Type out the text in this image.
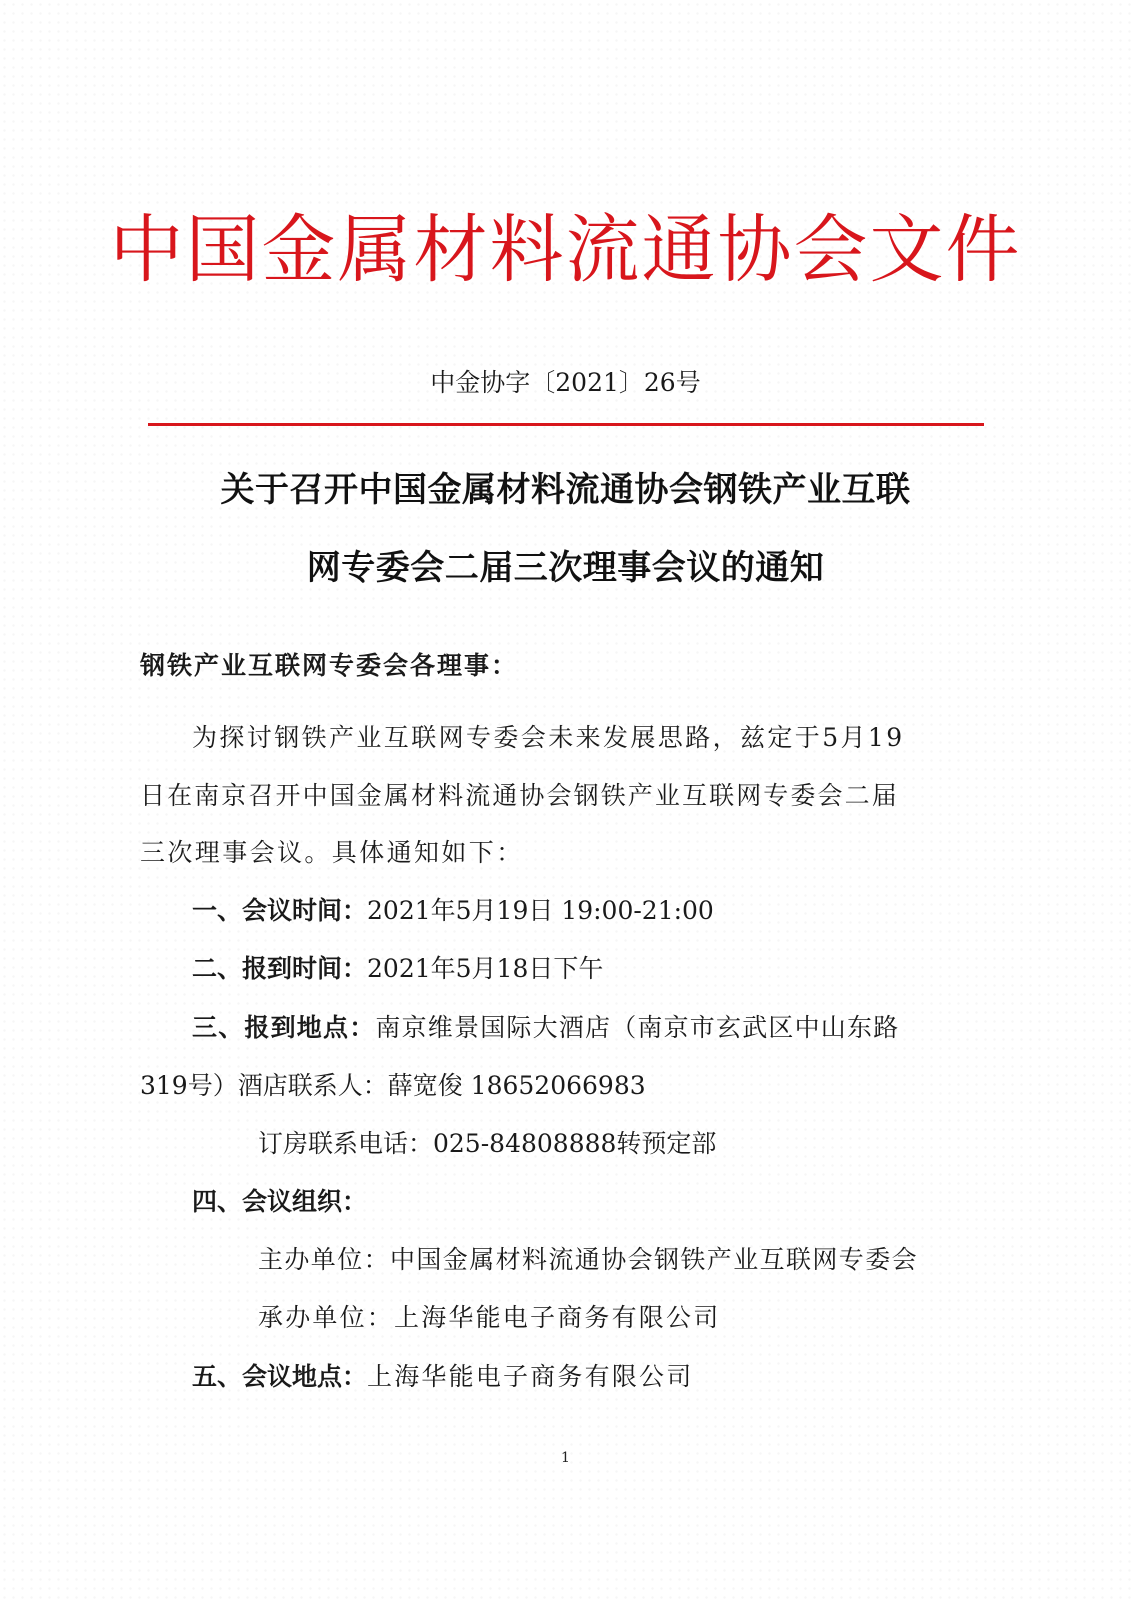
中国金属材料流通协会文件
中金协字〔2021〕26号
关于召开中国金属材料流通协会钢铁产业互联
网专委会二届三次理事会议的通知
钢铁产业互联网专委会各理事：
为探讨钢铁产业互联网专委会未来发展思路，兹定于5月19
日在南京召开中国金属材料流通协会钢铁产业互联网专委会二届
三次理事会议。具体通知如下：
一、会议时间：2021年5月19日 19:00-21:00
二、报到时间：2021年5月18日下午
三、报到地点：南京维景国际大酒店（南京市玄武区中山东路
319号）酒店联系人：薛宽俊 18652066983
订房联系电话：025-84808888转预定部
四、会议组织：
主办单位：中国金属材料流通协会钢铁产业互联网专委会
承办单位：上海华能电子商务有限公司
五、会议地点：上海华能电子商务有限公司
1
